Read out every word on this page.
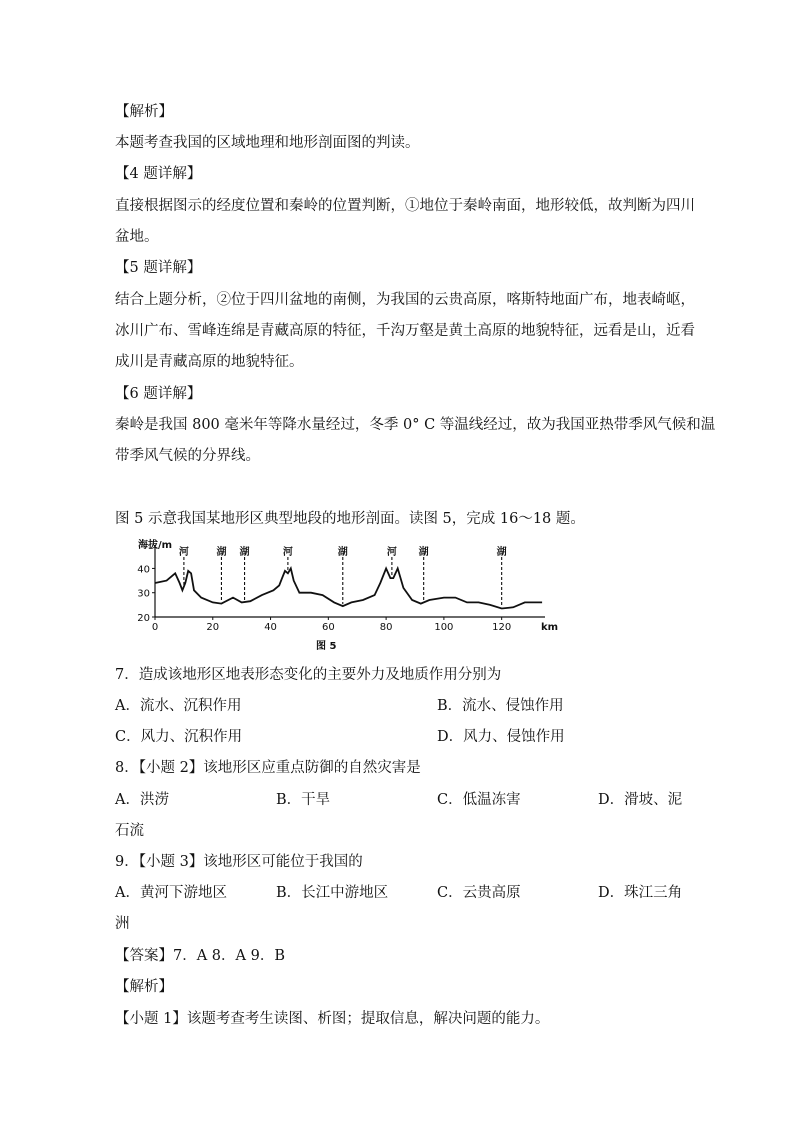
【解析】
本题考查我国的区域地理和地形剖面图的判读。
【4 题详解】
直接根据图示的经度位置和秦岭的位置判断，①地位于秦岭南面，地形较低，故判断为四川
盆地。
【5 题详解】
结合上题分析，②位于四川盆地的南侧，为我国的云贵高原，喀斯特地面广布，地表崎岖，
冰川广布、雪峰连绵是青藏高原的特征，千沟万壑是黄土高原的地貌特征，远看是山，近看
成川是青藏高原的地貌特征。
【6 题详解】
秦岭是我国 800 毫米年等降水量经过，冬季 0° C 等温线经过，故为我国亚热带季风气候和温
带季风气候的分界线。
图 5 示意我国某地形区典型地段的地形剖面。读图 5，完成 16～18 题。
海拔/m
km
图 5
0	20	40	60	80	100	120
20
30
40
河	湖 湖	河	湖	河 湖	湖
7．造成该地形区地表形态变化的主要外力及地质作用分别为
A．流水、沉积作用	B．流水、侵蚀作用
C．风力、沉积作用	D．风力、侵蚀作用
8．【小题 2】该地形区应重点防御的自然灾害是
A．洪涝	B．干旱	C．低温冻害	D．滑坡、泥
石流
9．【小题 3】该地形区可能位于我国的
A．黄河下游地区	B．长江中游地区	C．云贵高原	D．珠江三角
洲
【答案】7．A 8．A 9．B
【解析】
【小题 1】该题考查考生读图、析图；提取信息，解决问题的能力。
